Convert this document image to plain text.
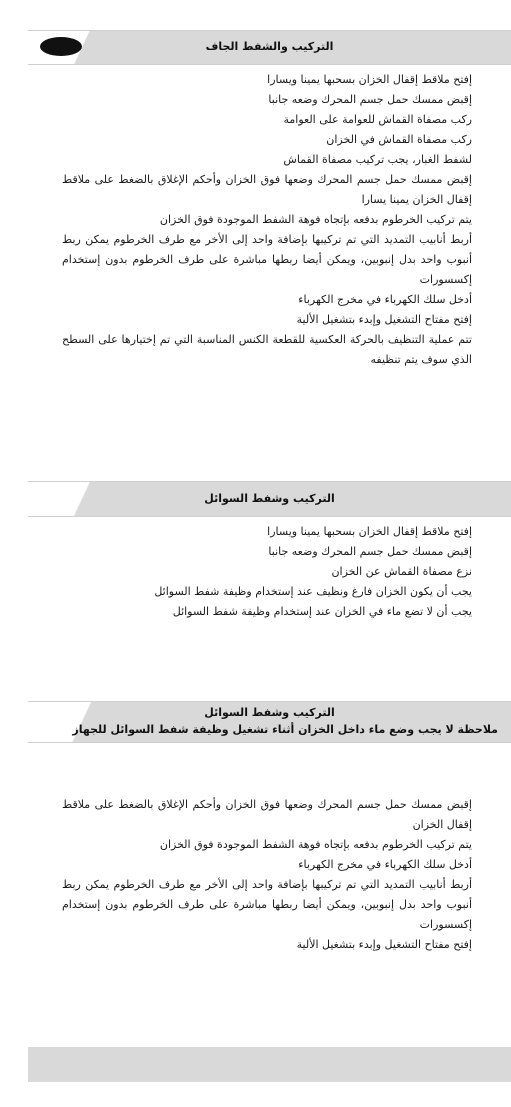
التركيب والشفط الجاف

إفتح ملاقط إقفال الخزان بسحبها يمينا ويسارا

إقبض ممسك حمل جسم المحرك وضعه جانبا

ركب مصفاة القماش للعوامة على العوامة

ركب مصفاة القماش في الخزان

لشفط الغبار، يجب تركيب مصفاة القماش

إقبض ممسك حمل جسم المحرك وضعها فوق الخزان وأحكم الإغلاق بالضغط على ملاقط إقفال الخزان يمينا يسارا

يتم تركيب الخرطوم بدفعه بإتجاه فوهة الشفط الموجودة فوق الخزان

أربط أنابيب التمديد التي تم تركيبها بإضافة واحد إلى الأخر مع طرف الخرطوم يمكن ربط أنبوب واحد بدل إنبوبين، ويمكن أيضا ربطها مباشرة على طرف الخرطوم بدون إستخدام إكسسورات

أدخل سلك الكهرباء في مخرج الكهرباء

إفتح مفتاح التشغيل وإبدء بتشغيل الألية

تتم عملية التنظيف بالحركة العكسية للقطعة الكنس المناسبة التي تم إختيارها على السطح الذي سوف يتم تنظيفه

التركيب وشفط السوائل

إفتح ملاقط إقفال الخزان بسحبها يمينا ويسارا

إقبض ممسك حمل جسم المحرك وضعه جانبا

نزع مصفاة القماش عن الخزان

يجب أن يكون الخزان فارغ ونظيف عند إستخدام وظيفة شفط السوائل

يجب أن لا تضع ماء في الخزان عند إستخدام وظيفة شفط السوائل

التركيب وشفط السوائل
ملاحظة لا يجب وضع ماء داخل الخزان أثناء تشغيل وظيفة شفط السوائل للجهاز

إقبض ممسك حمل جسم المحرك وضعها فوق الخزان وأحكم الإغلاق بالضغط على ملاقط إقفال الخزان

يتم تركيب الخرطوم بدفعه بإتجاه فوهة الشفط الموجودة فوق الخزان

أدخل سلك الكهرباء في مخرج الكهرباء

أربط أنابيب التمديد التي تم تركيبها بإضافة واحد إلى الأخر مع طرف الخرطوم يمكن ربط أنبوب واحد بدل إنبوبين، ويمكن أيضا ربطها مباشرة على طرف الخرطوم بدون إستخدام إكسسورات

إفتح مفتاح التشغيل وإبدء بتشغيل الألية
